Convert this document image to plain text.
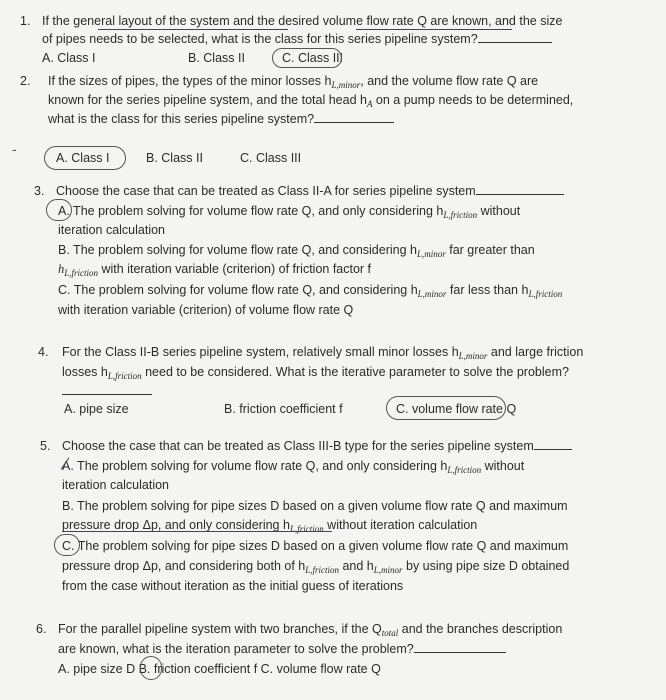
1. If the general layout of the system and the desired volume flow rate Q are known, and the size
of pipes needs to be selected, what is the class for this series pipeline system?
A. Class I	B. Class II	C. Class III
2. If the sizes of pipes, the types of the minor losses $h_{L,minor}$, and the volume flow rate Q are
known for the series pipeline system, and the total head $h_A$ on a pump needs to be determined,
what is the class for this series pipeline system?
-
A. Class I	B. Class II	C. Class III
3. Choose the case that can be treated as Class II-A for series pipeline system
A. The problem solving for volume flow rate Q, and only considering $h_{L,friction}$ without
iteration calculation
B. The problem solving for volume flow rate Q, and considering $h_{L,minor}$ far greater than
$h_{L,friction}$ with iteration variable (criterion) of friction factor f
C. The problem solving for volume flow rate Q, and considering $h_{L,minor}$ far less than $h_{L,friction}$
with iteration variable (criterion) of volume flow rate Q
4. For the Class II-B series pipeline system, relatively small minor losses $h_{L,minor}$ and large friction
losses $h_{L,friction}$ need to be considered. What is the iterative parameter to solve the problem?
A. pipe size	B. friction coefficient f	C. volume flow rate Q
5. Choose the case that can be treated as Class III-B type for the series pipeline system
A. The problem solving for volume flow rate Q, and only considering $h_{L,friction}$ without
iteration calculation
B. The problem solving for pipe sizes D based on a given volume flow rate Q and maximum
pressure drop Δp, and only considering $h_{L,friction}$ without iteration calculation
C. The problem solving for pipe sizes D based on a given volume flow rate Q and maximum
pressure drop Δp, and considering both of $h_{L,friction}$ and $h_{L,minor}$ by using pipe size D obtained
from the case without iteration as the initial guess of iterations
6. For the parallel pipeline system with two branches, if the $Q_{total}$ and the branches description
are known, what is the iteration parameter to solve the problem?
A. pipe size D B. friction coefficient f C. volume flow rate Q
